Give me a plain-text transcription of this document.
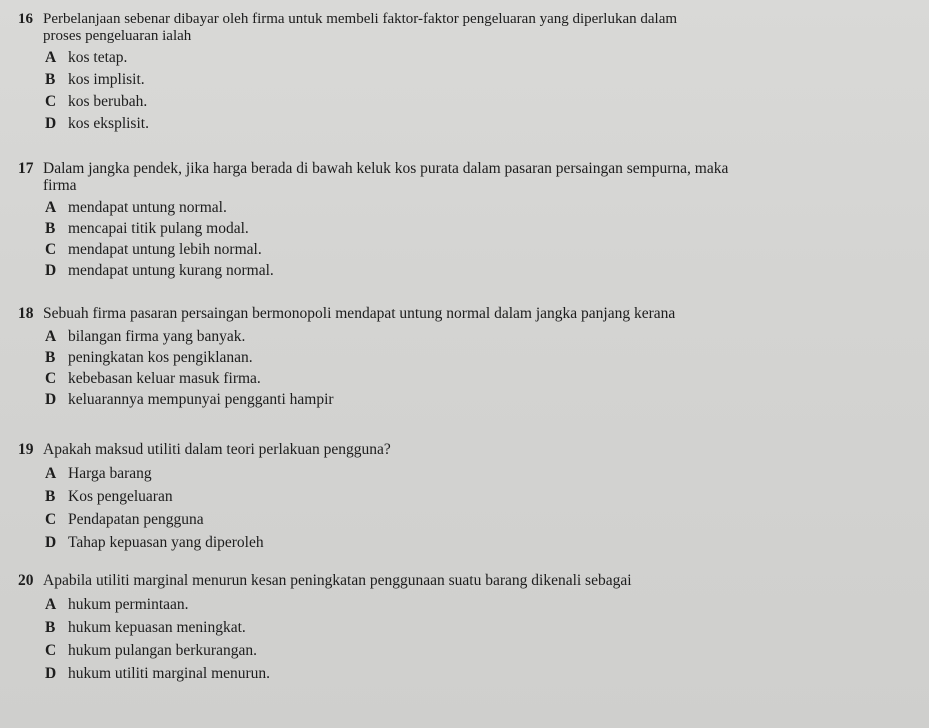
16 Perbelanjaan sebenar dibayar oleh firma untuk membeli faktor-faktor pengeluaran yang diperlukan dalam
proses pengeluaran ialah
A kos tetap.
B kos implisit.
C kos berubah.
D kos eksplisit.
17 Dalam jangka pendek, jika harga berada di bawah keluk kos purata dalam pasaran persaingan sempurna, maka
firma
A mendapat untung normal.
B mencapai titik pulang modal.
C mendapat untung lebih normal.
D mendapat untung kurang normal.
18 Sebuah firma pasaran persaingan bermonopoli mendapat untung normal dalam jangka panjang kerana
A bilangan firma yang banyak.
B peningkatan kos pengiklanan.
C kebebasan keluar masuk firma.
D keluarannya mempunyai pengganti hampir
19 Apakah maksud utiliti dalam teori perlakuan pengguna?
A Harga barang
B Kos pengeluaran
C Pendapatan pengguna
D Tahap kepuasan yang diperoleh
20 Apabila utiliti marginal menurun kesan peningkatan penggunaan suatu barang dikenali sebagai
A hukum permintaan.
B hukum kepuasan meningkat.
C hukum pulangan berkurangan.
D hukum utiliti marginal menurun.
